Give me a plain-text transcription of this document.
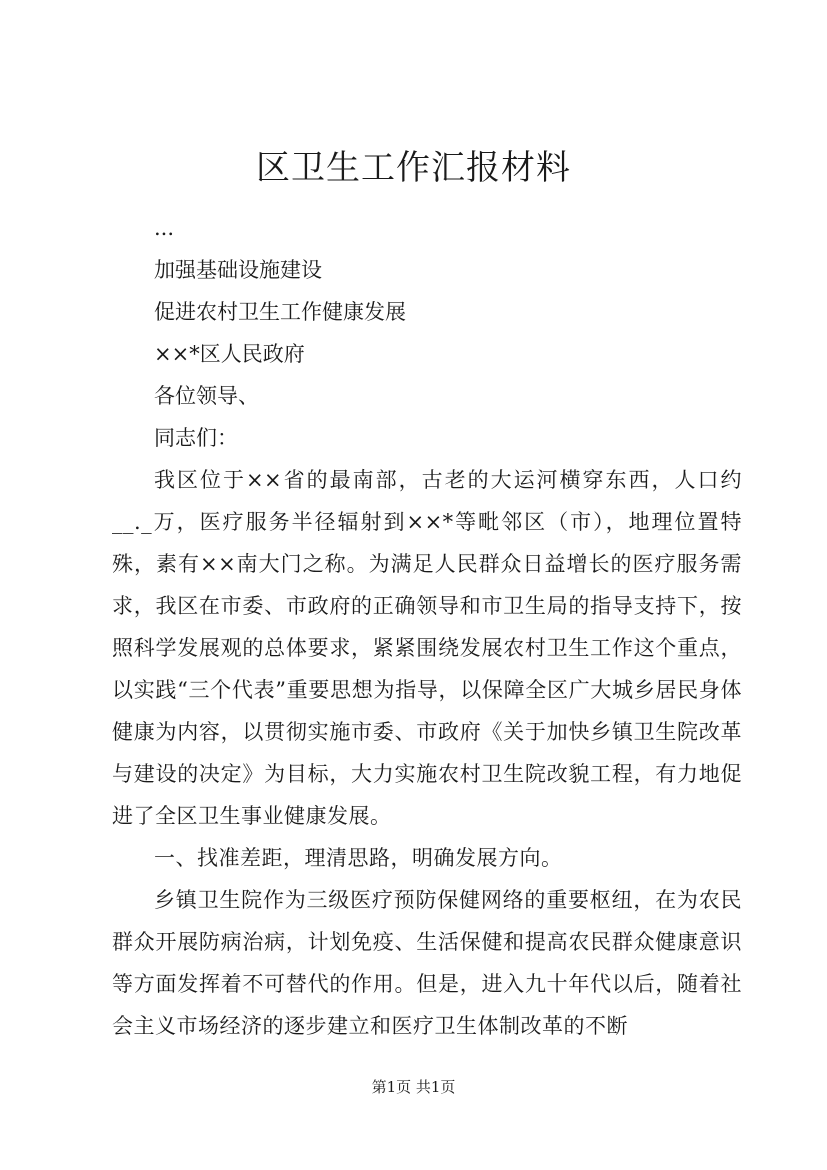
区卫生工作汇报材料

...

加强基础设施建设

促进农村卫生工作健康发展

××*区人民政府

各位领导、

同志们：

我区位于××省的最南部，古老的大运河横穿东西，人口约__._万，医疗服务半径辐射到××*等毗邻区（市），地理位置特殊，素有××南大门之称。为满足人民群众日益增长的医疗服务需求，我区在市委、市政府的正确领导和市卫生局的指导支持下，按照科学发展观的总体要求，紧紧围绕发展农村卫生工作这个重点，以实践“三个代表”重要思想为指导，以保障全区广大城乡居民身体健康为内容，以贯彻实施市委、市政府《关于加快乡镇卫生院改革与建设的决定》为目标，大力实施农村卫生院改貌工程，有力地促进了全区卫生事业健康发展。

一、找准差距，理清思路，明确发展方向。

乡镇卫生院作为三级医疗预防保健网络的重要枢纽，在为农民群众开展防病治病，计划免疫、生活保健和提高农民群众健康意识等方面发挥着不可替代的作用。但是，进入九十年代以后，随着社会主义市场经济的逐步建立和医疗卫生体制改革的不断

第1页 共1页
